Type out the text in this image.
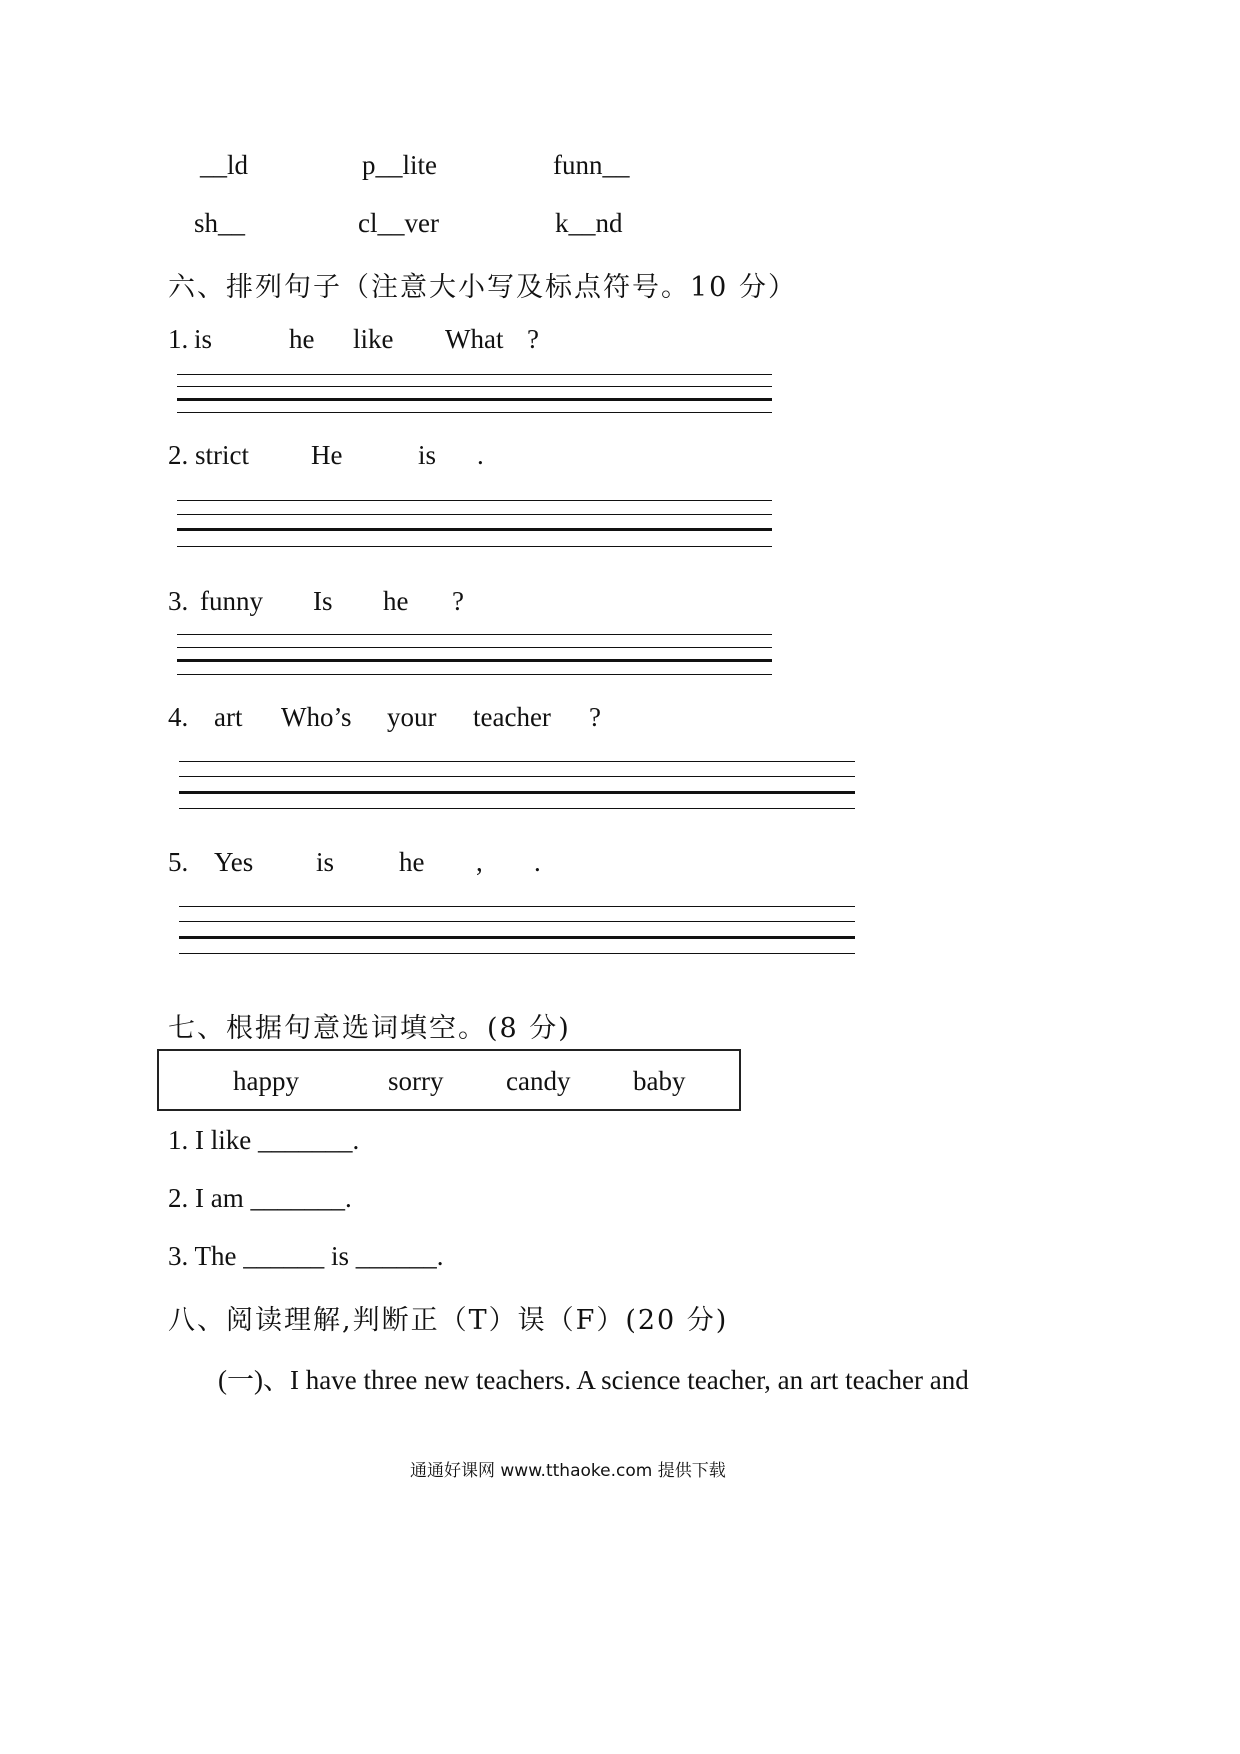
__ld	p__lite	funn__
sh__	cl__ver	k__nd
六、排列句子（注意大小写及标点符号。10 分）
1. is	he like What ?
2. strict He	is .
3. funny Is he ?
4. art Who’s your teacher ?
5. Yes is he , .
七、根据句意选词填空。(8 分)
happy	sorry candy baby
1. I like _______.
2. I am _______.
3. The ______ is ______.
八、阅读理解,判断正（T）误（F）(20 分)
(一)、I have three new teachers. A science teacher, an art teacher and
通通好课网 www.tthaoke.com 提供下载
